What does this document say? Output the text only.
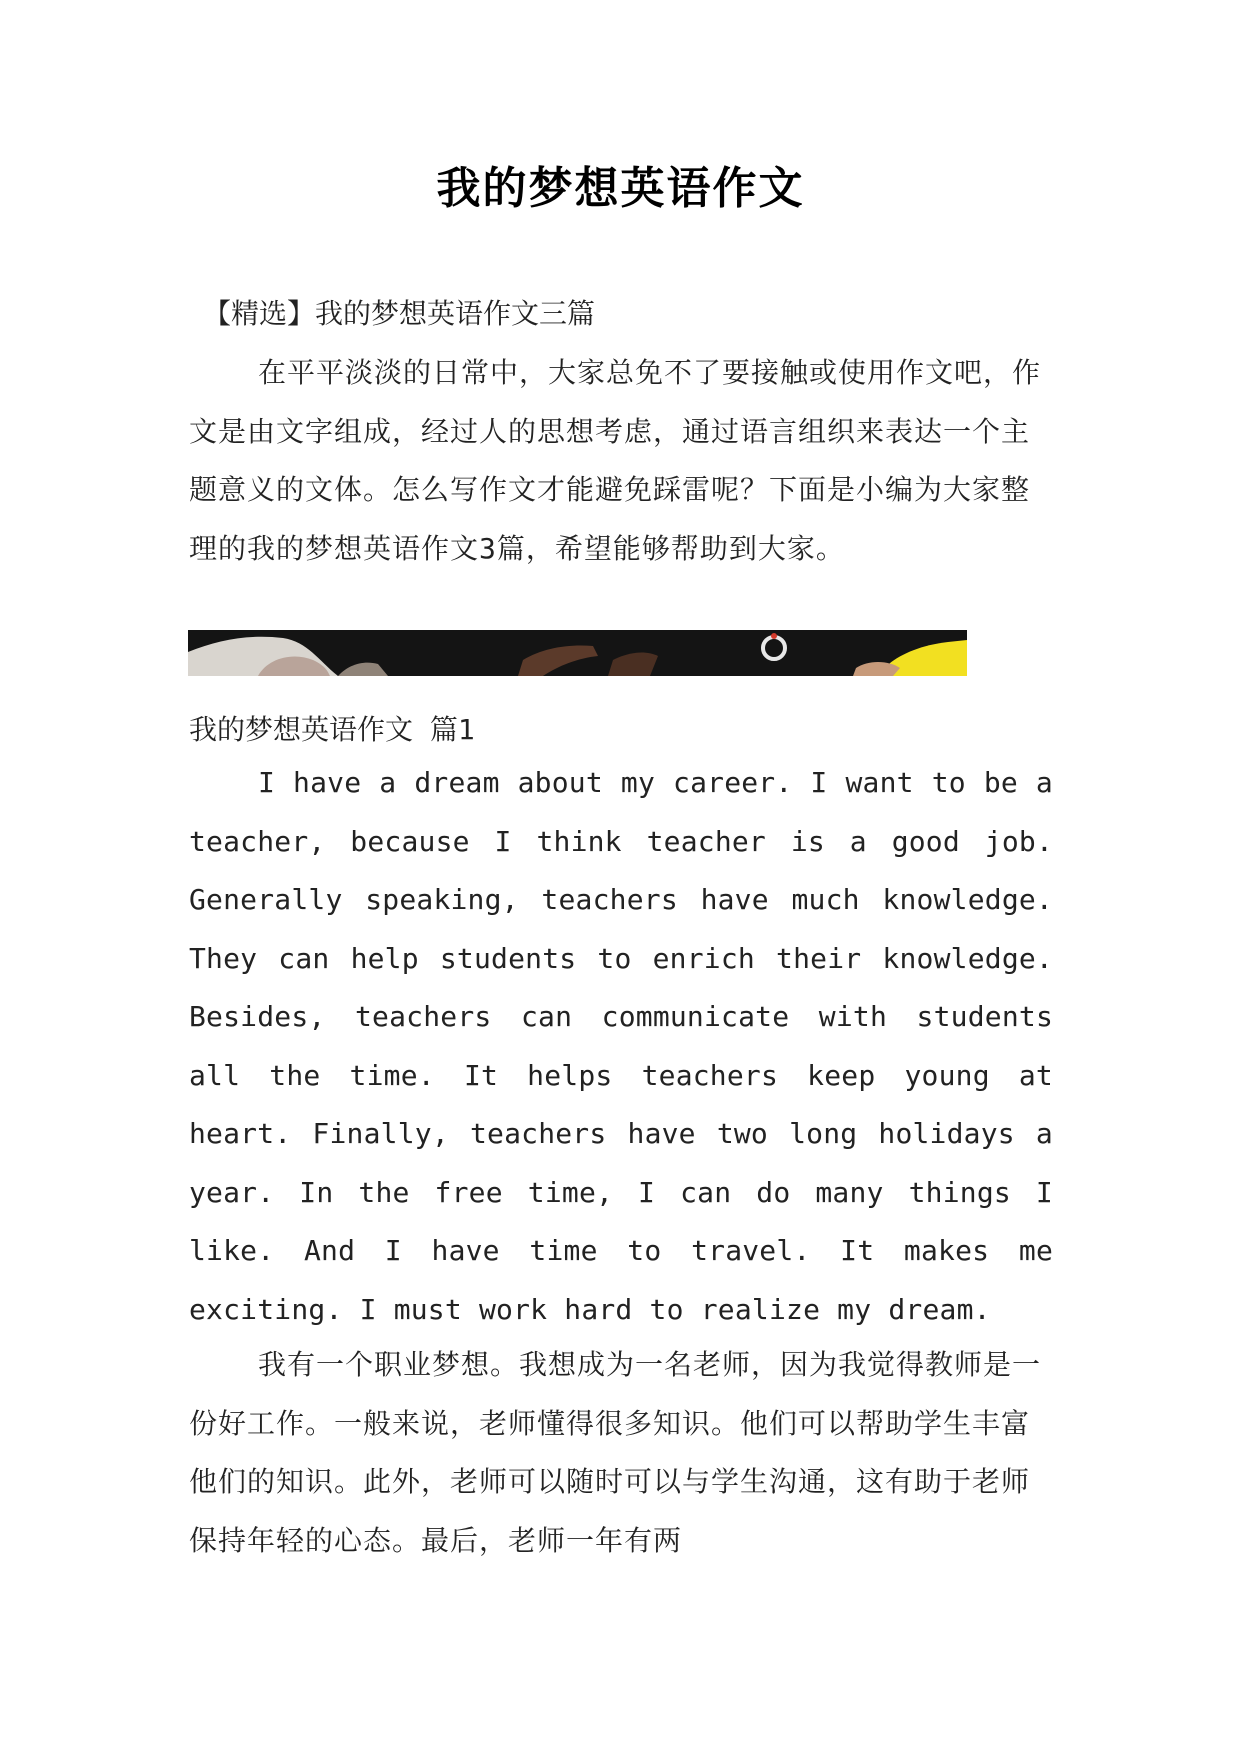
我的梦想英语作文

【精选】我的梦想英语作文三篇

在平平淡淡的日常中，大家总免不了要接触或使用作文吧，作文是由文字组成，经过人的思想考虑，通过语言组织来表达一个主题意义的文体。怎么写作文才能避免踩雷呢？下面是小编为大家整理的我的梦想英语作文3篇，希望能够帮助到大家。

我的梦想英语作文 篇1

I have a dream about my career. I want to be a teacher, because I think teacher is a good job. Generally speaking, teachers have much knowledge. They can help students to enrich their knowledge. Besides, teachers can communicate with students all the time. It helps teachers keep young at heart. Finally, teachers have two long holidays a year. In the free time, I can do many things I like. And I have time to travel. It makes me exciting. I must work hard to realize my dream.

我有一个职业梦想。我想成为一名老师，因为我觉得教师是一份好工作。一般来说，老师懂得很多知识。他们可以帮助学生丰富他们的知识。此外，老师可以随时可以与学生沟通，这有助于老师保持年轻的心态。最后，老师一年有两
